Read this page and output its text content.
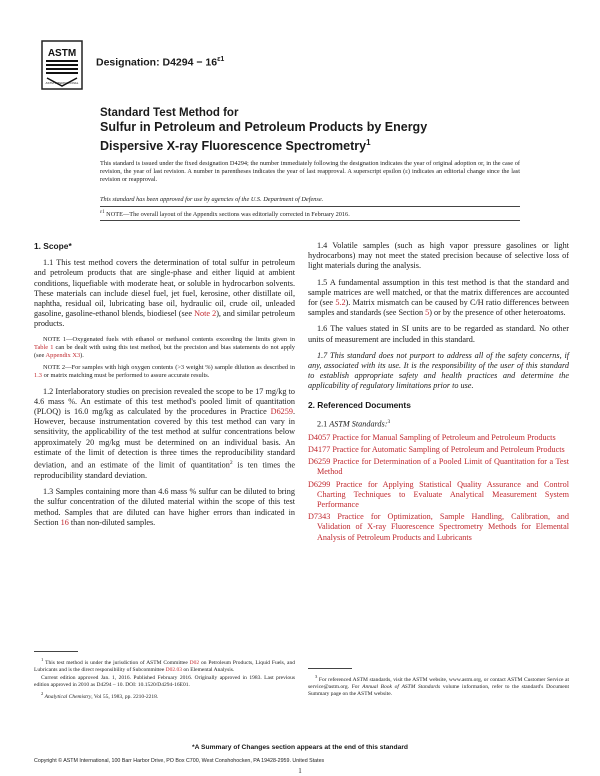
ASTM
ASTM INTERNATIONAL
Designation: $D4294 - 16^{\varepsilon 1}$
Standard Test Method for
Sulfur in Petroleum and Petroleum Products by Energy
Dispersive X-ray Fluorescence Spectrometry$^1$
This standard is issued under the fixed designation D4294; the number immediately following the designation indicates the year of original adoption or, in the case of revision, the year of last revision. A number in parentheses indicates the year of last reapproval. A superscript epsilon (ε) indicates an editorial change since the last revision or reapproval.
This standard has been approved for use by agencies of the U.S. Department of Defense.
$^{\varepsilon 1}$ NOTE—The overall layout of the Appendix sections was editorially corrected in February 2016.
1. Scope*

1.1 This test method covers the determination of total sulfur in petroleum and petroleum products that are single-phase and either liquid at ambient conditions, liquefiable with moderate heat, or soluble in hydrocarbon solvents. These materials can include diesel fuel, jet fuel, kerosine, other distillate oil, naphtha, residual oil, lubricating base oil, hydraulic oil, crude oil, unleaded gasoline, gasoline-ethanol blends, biodiesel (see Note 2), and similar petroleum products.

NOTE 1—Oxygenated fuels with ethanol or methanol contents exceeding the limits given in Table 1 can be dealt with using this test method, but the precision and bias statements do not apply (see Appendix X3).
NOTE 2—For samples with high oxygen contents (>3 weight %) sample dilution as described in 1.3 or matrix matching must be performed to assure accurate results.

1.2 Interlaboratory studies on precision revealed the scope to be 17 mg/kg to 4.6 mass %. An estimate of this test method's pooled limit of quantitation (PLOQ) is 16.0 mg/kg as calculated by the procedures in Practice D6259. However, because instrumentation covered by this test method can vary in sensitivity, the applicability of the test method at sulfur concentrations below approximately 20 mg/kg must be determined on an individual basis. An estimate of the limit of detection is three times the reproducibility standard deviation, and an estimate of the limit of quantitation$^2$ is ten times the reproducibility standard deviation.

1.3 Samples containing more than 4.6 mass % sulfur can be diluted to bring the sulfur concentration of the diluted material within the scope of this test method. Samples that are diluted can have higher errors than indicated in Section 16 than non-diluted samples.

1.4 Volatile samples (such as high vapor pressure gasolines or light hydrocarbons) may not meet the stated precision because of selective loss of light materials during the analysis.

1.5 A fundamental assumption in this test method is that the standard and sample matrices are well matched, or that the matrix differences are accounted for (see 5.2). Matrix mismatch can be caused by C/H ratio differences between samples and standards (see Section 5) or by the presence of other heteroatoms.

1.6 The values stated in SI units are to be regarded as standard. No other units of measurement are included in this standard.

1.7 This standard does not purport to address all of the safety concerns, if any, associated with its use. It is the responsibility of the user of this standard to establish appropriate safety and health practices and determine the applicability of regulatory limitations prior to use.

2. Referenced Documents
2.1 ASTM Standards:$^3$
D4057 Practice for Manual Sampling of Petroleum and Petroleum Products
D4177 Practice for Automatic Sampling of Petroleum and Petroleum Products
D6259 Practice for Determination of a Pooled Limit of Quantitation for a Test Method
D6299 Practice for Applying Statistical Quality Assurance and Control Charting Techniques to Evaluate Analytical Measurement System Performance
D7343 Practice for Optimization, Sample Handling, Calibration, and Validation of X-ray Fluorescence Spectrometry Methods for Elemental Analysis of Petroleum Products and Lubricants

$^1$ This test method is under the jurisdiction of ASTM Committee D02 on Petroleum Products, Liquid Fuels, and Lubricants and is the direct responsibility of Subcommittee D02.03 on Elemental Analysis.

Current edition approved Jan. 1, 2016. Published February 2016. Originally approved in 1983. Last previous edition approved in 2010 as D4294 – 10. DOI: 10.1520/D4294-16E01.

$^2$ Analytical Chemistry, Vol 55, 1983, pp. 2210-2218.

$^3$ For referenced ASTM standards, visit the ASTM website, www.astm.org, or contact ASTM Customer Service at service@astm.org. For Annual Book of ASTM Standards volume information, refer to the standard's Document Summary page on the ASTM website.

*A Summary of Changes section appears at the end of this standard
Copyright © ASTM International, 100 Barr Harbor Drive, PO Box C700, West Conshohocken, PA 19428-2959. United States
1
